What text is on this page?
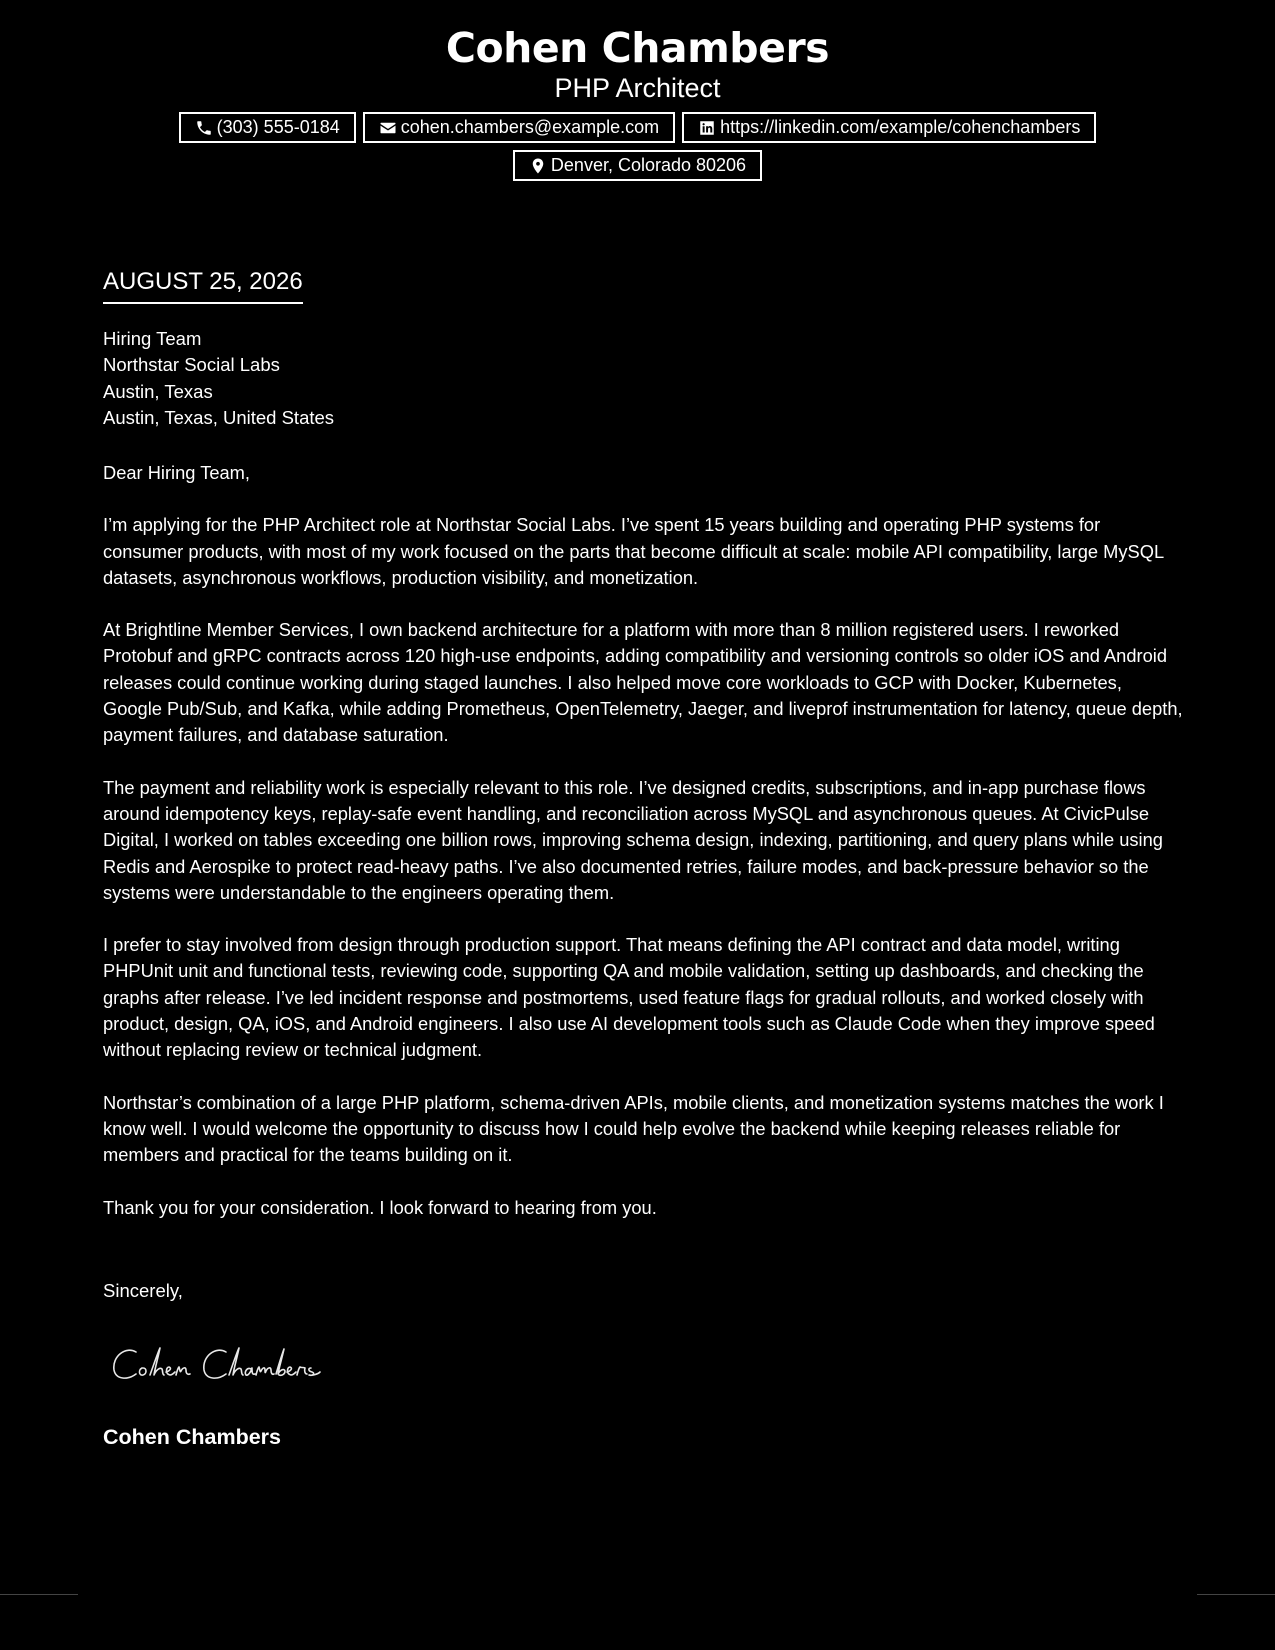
Cohen Chambers
PHP Architect
(303) 555-0184	cohen.chambers@example.com	https://linkedin.com/example/cohenchambers
Denver, Colorado 80206
AUGUST 25, 2026
Hiring Team
Northstar Social Labs
Austin, Texas
Austin, Texas, United States

Dear Hiring Team,

I’m applying for the PHP Architect role at Northstar Social Labs. I’ve spent 15 years building and operating PHP systems for consumer products, with most of my work focused on the parts that become difficult at scale: mobile API compatibility, large MySQL datasets, asynchronous workflows, production visibility, and monetization.

At Brightline Member Services, I own backend architecture for a platform with more than 8 million registered users. I reworked Protobuf and gRPC contracts across 120 high-use endpoints, adding compatibility and versioning controls so older iOS and Android releases could continue working during staged launches. I also helped move core workloads to GCP with Docker, Kubernetes, Google Pub/Sub, and Kafka, while adding Prometheus, OpenTelemetry, Jaeger, and liveprof instrumentation for latency, queue depth, payment failures, and database saturation.

The payment and reliability work is especially relevant to this role. I’ve designed credits, subscriptions, and in-app purchase flows around idempotency keys, replay-safe event handling, and reconciliation across MySQL and asynchronous queues. At CivicPulse Digital, I worked on tables exceeding one billion rows, improving schema design, indexing, partitioning, and query plans while using Redis and Aerospike to protect read-heavy paths. I’ve also documented retries, failure modes, and back-pressure behavior so the systems were understandable to the engineers operating them.

I prefer to stay involved from design through production support. That means defining the API contract and data model, writing PHPUnit unit and functional tests, reviewing code, supporting QA and mobile validation, setting up dashboards, and checking the graphs after release. I’ve led incident response and postmortems, used feature flags for gradual rollouts, and worked closely with product, design, QA, iOS, and Android engineers. I also use AI development tools such as Claude Code when they improve speed without replacing review or technical judgment.

Northstar’s combination of a large PHP platform, schema-driven APIs, mobile clients, and monetization systems matches the work I know well. I would welcome the opportunity to discuss how I could help evolve the backend while keeping releases reliable for members and practical for the teams building on it.

Thank you for your consideration. I look forward to hearing from you.

Sincerely,
Cohen Chambers
